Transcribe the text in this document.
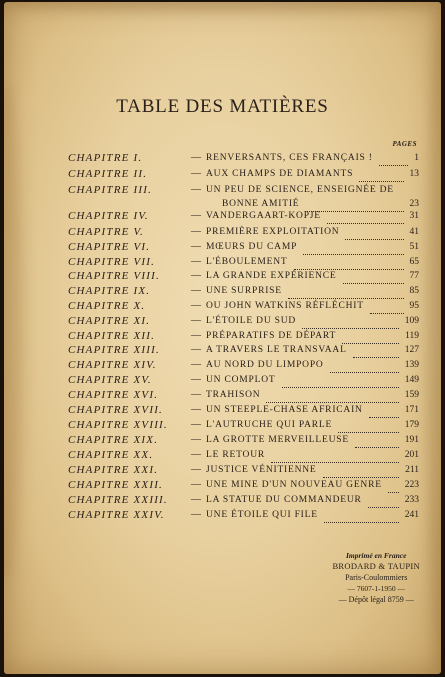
TABLE DES MATIÈRES
PAGES
CHAPITRE I.	— RENVERSANTS, CES FRANÇAIS !	1
CHAPITRE II.	— AUX CHAMPS DE DIAMANTS	13
CHAPITRE III.	— UN PEU DE SCIENCE, ENSEIGNÉE DE
BONNE AMITIÉ	23
CHAPITRE IV.	— VANDERGAART-KOPJE	31
CHAPITRE V.	— PREMIÈRE EXPLOITATION	41
CHAPITRE VI.	— MŒURS DU CAMP	51
CHAPITRE VII.	— L'ÉBOULEMENT	65
CHAPITRE VIII.	— LA GRANDE EXPÉRIENCE	77
CHAPITRE IX.	— UNE SURPRISE	85
CHAPITRE X.	— OU JOHN WATKINS RÉFLÉCHIT	95
CHAPITRE XI.	— L'ÉTOILE DU SUD	109
CHAPITRE XII.	— PRÉPARATIFS DE DÉPART	119
CHAPITRE XIII.	— A TRAVERS LE TRANSVAAL	127
CHAPITRE XIV.	— AU NORD DU LIMPOPO	139
CHAPITRE XV.	— UN COMPLOT	149
CHAPITRE XVI.	— TRAHISON	159
CHAPITRE XVII.	— UN STEEPLE-CHASE AFRICAIN	171
CHAPITRE XVIII. — L'AUTRUCHE QUI PARLE	179
CHAPITRE XIX.	— LA GROTTE MERVEILLEUSE	191
CHAPITRE XX.	— LE RETOUR	201
CHAPITRE XXI.	— JUSTICE VÉNITIENNE	211
CHAPITRE XXII.	— UNE MINE D'UN NOUVEAU GENRE 223
CHAPITRE XXIII. — LA STATUE DU COMMANDEUR	233
CHAPITRE XXIV.	— UNE ÉTOILE QUI FILE	241
Imprimé en France
BRODARD & TAUPIN
Paris-Coulommiers
— 7607-1-1950 —
— Dépôt légal 8759 —
